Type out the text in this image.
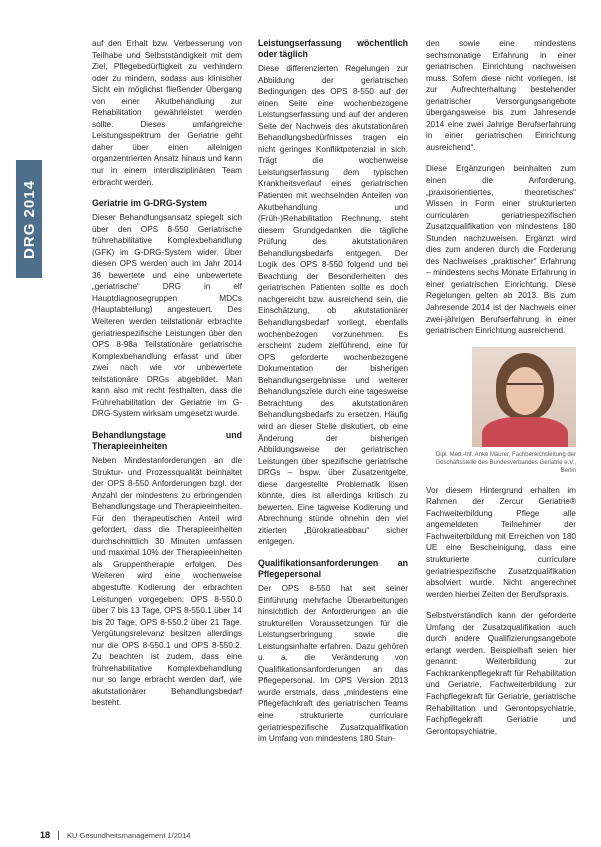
DRG 2014

auf den Erhalt bzw. Verbesserung von Teilhabe und Selbstständigkeit mit dem Ziel, Pflegebedürftigkeit zu verhindern oder zu mindern, sodass aus klinischer Sicht ein möglichst fließender Übergang von einer Akutbehandlung zur Rehabilitation gewährleistet werden sollte. Dieses umfangreiche Leistungsspektrum der Geriatrie geht daher über einen alleinigen organzentrierten Ansatz hinaus und kann nur in einem interdisziplinären Team erbracht werden.

Geriatrie im G-DRG-System

Dieser Behandlungsansatz spiegelt sich über den OPS 8-550 Geriatrische frührehabilitative Komplexbehandlung (GFK) im G-DRG-System wider. Über diesen OPS werden auch im Jahr 2014 36 bewertete und eine unbewertete „geriatrische“ DRG in elf Hauptdiagnosegruppen MDCs (Hauptabteilung) angesteuert. Des Weiteren werden teilstationär erbrachte geriatriespezifische Leistungen über den OPS 8-98a Teilstationäre geriatrische Komplexbehandlung erfasst und über zwei nach wie vor unbewertete teilstationäre DRGs abgebildet. Man kann also mit recht festhalten, dass die Frührehabilitation der Geriatrie im G-DRG-System wirksam umgesetzt wurde.

Behandlungstage und Therapieeinheiten

Neben Mindestanforderungen an die Struktur- und Prozessqualität beinhaltet der OPS 8-550 Anforderungen bzgl. der Anzahl der mindestens zu erbringenden Behandlungstage und Therapieeinheiten. Für den therapeutischen Anteil wird gefordert, dass die Therapieeinheiten durchschnittlich 30 Minuten umfassen und maximal 10% der Therapieeinheiten als Gruppentherapie erfolgen. Des Weiteren wird eine wochenweise abgestufte Kodierung der erbrachten Leistungen vorgegeben: OPS 8-550.0 über 7 bis 13 Tage, OPS 8-550.1 über 14 bis 20 Tage, OPS 8-550.2 über 21 Tage. Vergütungsrelevanz besitzen allerdings nur die OPS 8-550.1 und OPS 8-550.2. Zu beachten ist zudem, dass eine frührehabilitative Komplexbehandlung nur so lange erbracht werden darf, wie akutstationärer Behandlungsbedarf besteht.

Leistungserfassung wöchentlich oder täglich

Diese differenzierten Regelungen zur Abbildung der geriatrischen Bedingungen des OPS 8-550 auf der einen Seite eine wochenbezogene Leistungserfassung und auf der anderen Seite der Nachweis des akutstationären Behandlungsbedürfnisses tragen ein nicht geringes Konfliktpotenzial in sich. Trägt die wochenweise Leistungserfassung dem typischen Krankheitsverlauf eines geriatrischen Patienten mit wechselnden Anteilen von Akutbehandlung und (Früh-)Rehabilitation Rechnung, steht diesem Grundgedanken die tägliche Prüfung des akutstationären Behandlungsbedarfs entgegen. Der Logik des OPS 8-550 folgend und bei Beachtung der Besonderheiten des geriatrischen Patienten sollte es doch nachgereicht bzw. ausreichend sein, die Einschätzung, ob akutstationärer Behandlungsbedarf vorliegt, ebenfalls wochenbezogen vorzunehmen. Es erscheint zudem zielführend, eine für OPS geforderte wochenbezogene Dokumentation der bisherigen Behandlungsergebnisse und weiterer Behandlungsziele durch eine tagesweise Betrachtung des akutstationären Behandlungsbedarfs zu ersetzen. Häufig wird an dieser Stelle diskutiert, ob eine Änderung der bisherigen Abbildungsweise der geriatrischen Leistungen über spezifische geriatrische DRGs – bspw. über Zusatzentgelte, diese dargestellte Problematik lösen könnte, dies ist allerdings kritisch zu bewerten. Eine tagweise Kodierung und Abrechnung stünde ohnehin den viel zitierten „Bürokratieabbau“ sicher entgegen.

Qualifikationsanforderungen an Pflegepersonal

Der OPS 8-550 hat seit seiner Einführung mehrfache Überarbeitungen hinsichtlich der Anforderungen an die strukturellen Voraussetzungen für die Leistungserbringung sowie die Leistungsinhalte erfahren. Dazu gehören u. a. die Veränderung von Qualifikationsanforderungen an das Pflegepersonal. Im OPS Version 2013 wurde erstmals, dass „mindestens eine Pflegefachkraft des geriatrischen Teams eine strukturierte curriculare geriatriespezifische Zusatzqualifikation im Umfang von mindestens 180 Stun-

den sowie eine mindestens sechsmonatige Erfahrung in einer geriatrischen Einrichtung nachweisen muss. Sofern diese nicht vorliegen, ist zur Aufrechterhaltung bestehender geriatrischer Versorgungsangebote übergangsweise bis zum Jahresende 2014 eine zwei Jahrige Berufserfahrung in einer geriatrischen Einrichtung ausreichend“.

Diese Ergänzungen beinhalten zum einen die Anforderung, „praxisorientiertes, theoretisches“ Wissen in Form einer strukturierten curricularen geriatriespezifischen Zusatzqualifikation von mindestens 180 Stunden nachzuweisen. Ergänzt wird dies zum anderen durch die Forderung des Nachweises „praktischer“ Erfahrung – mindestens sechs Monate Erfahrung in einer geriatrischen Einrichtung. Diese Regelungen gelten ab 2013. Bis zum Jahresende 2014 ist der Nachweis einer zwei-jährigen Berufserfahrung in einer geriatrischen Einrichtung ausreichend.

Dipl. Med.-Inf. Anke Mäurer, Fachbereichsleitung der Geschäftsstelle des Bundesverbandes Geriatrie e.V., Berlin

Vor diesem Hintergrund erhalten im Rahmen der Zercur Geriatrie® Fachweiterbildung Pflege alle angemeldeten Teilnehmer der Fachweiterbildung mit Erreichen von 180 UE eine Bescheinigung, dass eine strukturierte curriculare geriatriespezifische Zusatzqualifikation absolviert wurde. Nicht angerechnet werden hierbei Zeiten der Berufspraxis.

Selbstverständlich kann der geforderte Umfang der Zusatzqualifikation auch durch andere Qualifizierungsangebote erlangt werden. Beispielhaft seien hier genannt: Weiterbildung zur Fachkrankenpflegekraft für Rehabilitation und Geriatrie, Fachweiterbildung zur Fachpflegekraft für Geriatrie, geriatrische Rehabilitation und Gerontopsychiatrie, Fachpflegekraft Geriatrie und Gerontopsychiatrie,

18 KU Gesundheitsmanagement 1/2014
